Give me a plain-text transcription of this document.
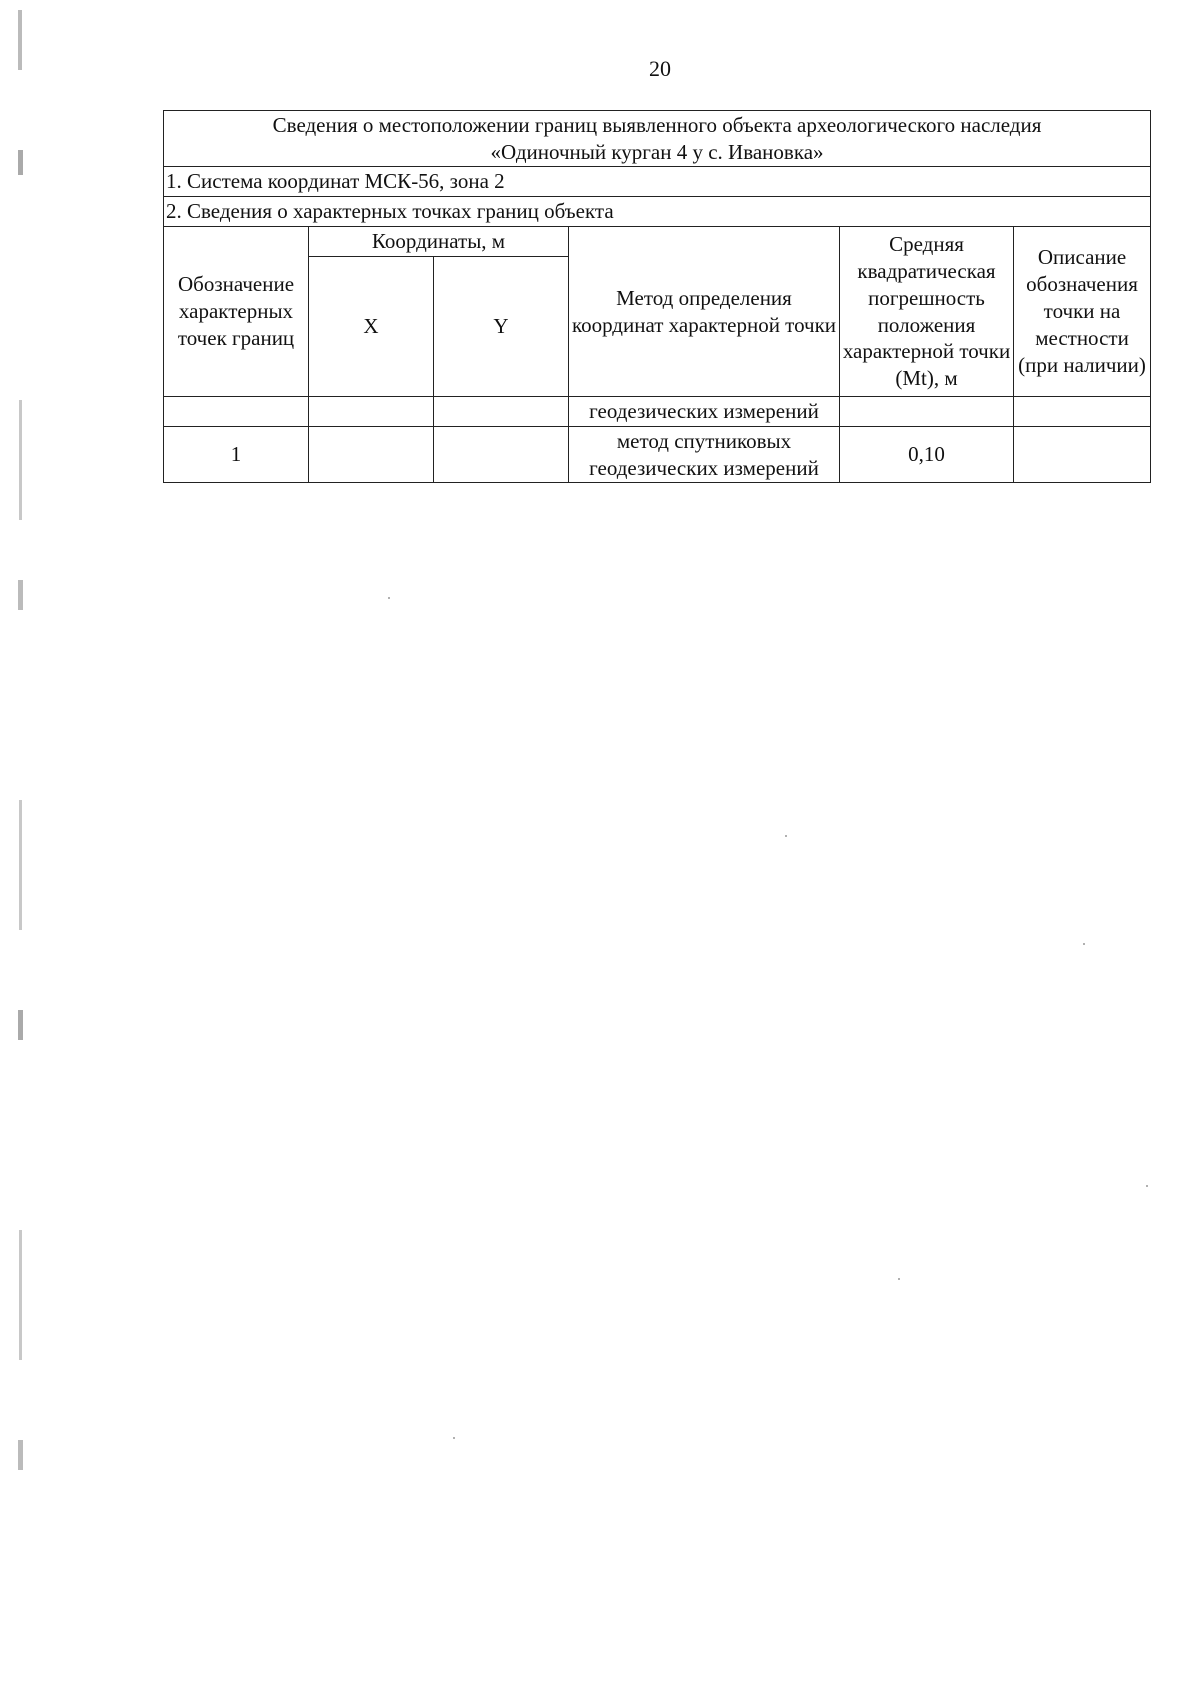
20
Сведения о местоположении границ выявленного объекта археологического наследия
«Одиночный курган 4 у с. Ивановка»					

1. Система координат МСК-56, зона 2					
2. Сведения о характерных точках границ объекта					
Обозначение характерных точек границ	Координаты, м		Метод определения координат характерной точки	Средняя квадратическая погрешность положения характерной точки (Mt), м	Описание обозначения точки на местности (при наличии)
	X	Y			
			геодезических измерений		
1			метод спутниковых геодезических измерений	0,10	
